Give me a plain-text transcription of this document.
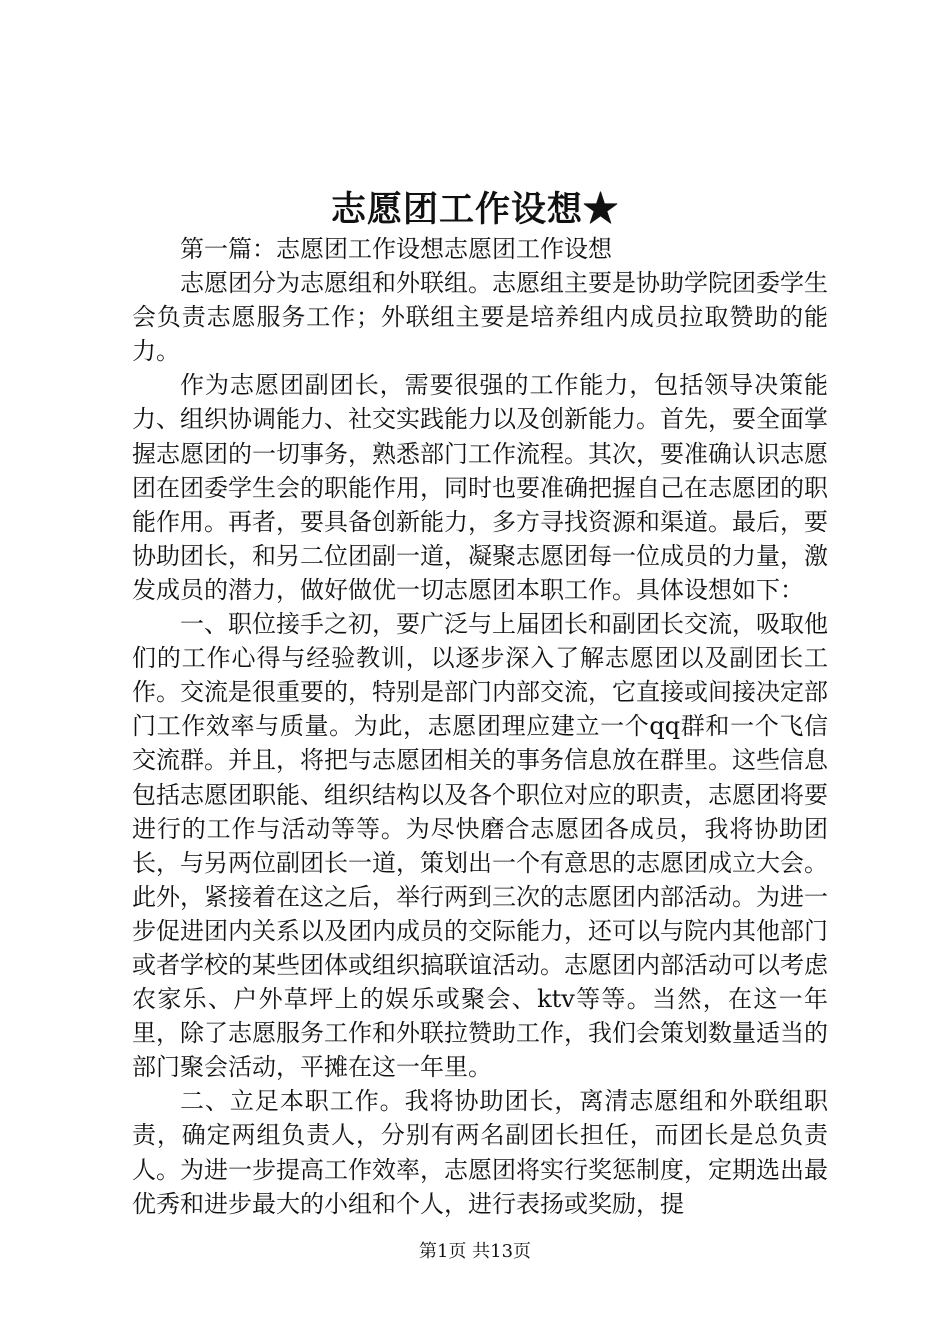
志愿团工作设想★

第一篇：志愿团工作设想志愿团工作设想

志愿团分为志愿组和外联组。志愿组主要是协助学院团委学生会负责志愿服务工作；外联组主要是培养组内成员拉取赞助的能力。

作为志愿团副团长，需要很强的工作能力，包括领导决策能力、组织协调能力、社交实践能力以及创新能力。首先，要全面掌握志愿团的一切事务，熟悉部门工作流程。其次，要准确认识志愿团在团委学生会的职能作用，同时也要准确把握自己在志愿团的职能作用。再者，要具备创新能力，多方寻找资源和渠道。最后，要协助团长，和另二位团副一道，凝聚志愿团每一位成员的力量，激发成员的潜力，做好做优一切志愿团本职工作。具体设想如下：

一、职位接手之初，要广泛与上届团长和副团长交流，吸取他们的工作心得与经验教训，以逐步深入了解志愿团以及副团长工作。交流是很重要的，特别是部门内部交流，它直接或间接决定部门工作效率与质量。为此，志愿团理应建立一个qq群和一个飞信交流群。并且，将把与志愿团相关的事务信息放在群里。这些信息包括志愿团职能、组织结构以及各个职位对应的职责，志愿团将要进行的工作与活动等等。为尽快磨合志愿团各成员，我将协助团长，与另两位副团长一道，策划出一个有意思的志愿团成立大会。此外，紧接着在这之后，举行两到三次的志愿团内部活动。为进一步促进团内关系以及团内成员的交际能力，还可以与院内其他部门或者学校的某些团体或组织搞联谊活动。志愿团内部活动可以考虑农家乐、户外草坪上的娱乐或聚会、ktv等等。当然，在这一年里，除了志愿服务工作和外联拉赞助工作，我们会策划数量适当的部门聚会活动，平摊在这一年里。

二、立足本职工作。我将协助团长，离清志愿组和外联组职责，确定两组负责人，分别有两名副团长担任，而团长是总负责人。为进一步提高工作效率，志愿团将实行奖惩制度，定期选出最优秀和进步最大的小组和个人，进行表扬或奖励，提

第1页 共13页
